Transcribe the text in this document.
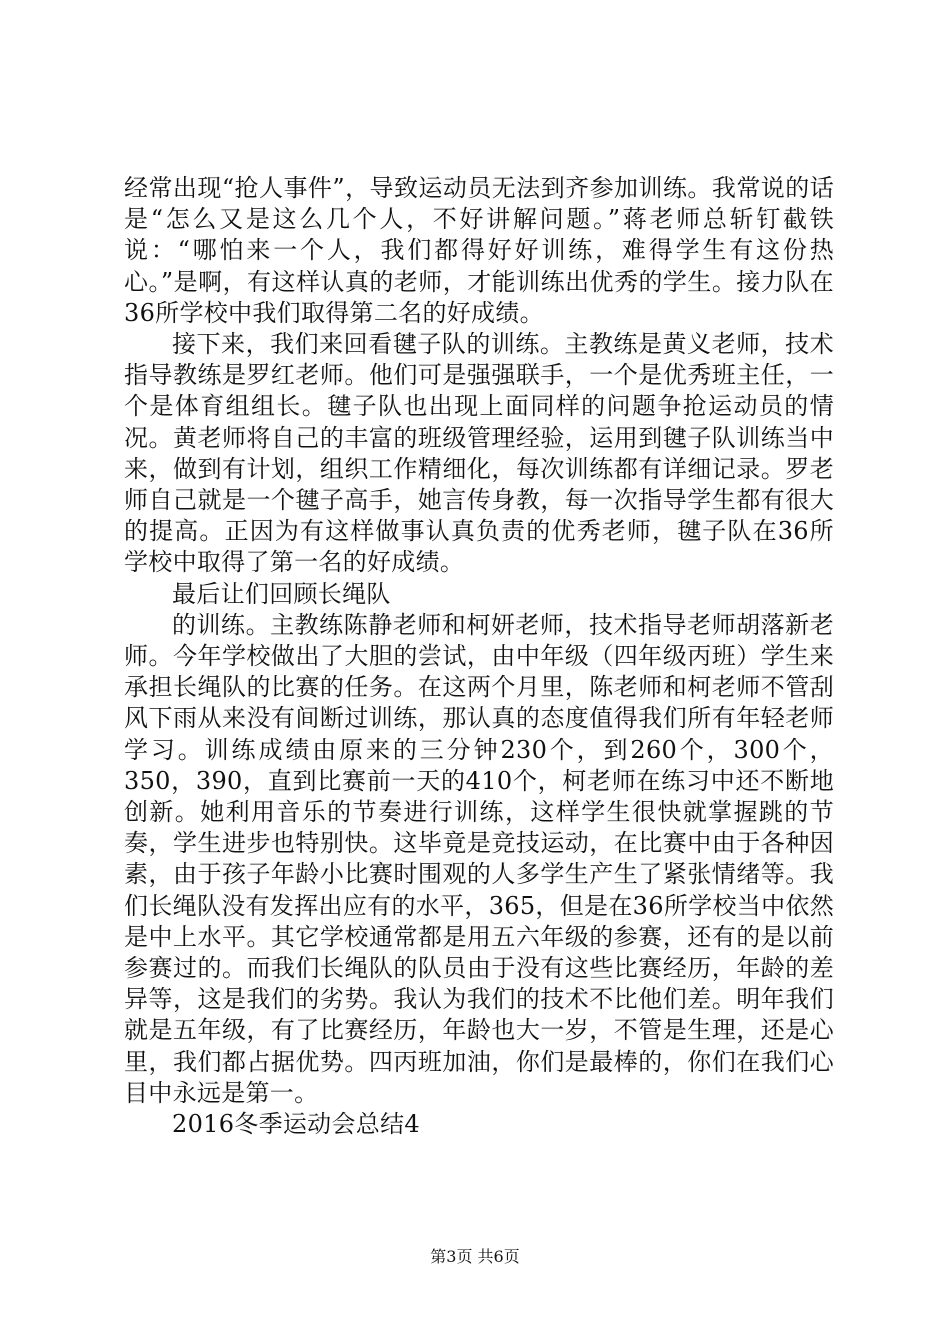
经常出现“抢人事件”，导致运动员无法到齐参加训练。我常说的话是“怎么又是这么几个人，不好讲解问题。”蒋老师总斩钉截铁说：“哪怕来一个人，我们都得好好训练，难得学生有这份热心。”是啊，有这样认真的老师，才能训练出优秀的学生。接力队在36所学校中我们取得第二名的好成绩。

接下来，我们来回看毽子队的训练。主教练是黄义老师，技术指导教练是罗红老师。他们可是强强联手，一个是优秀班主任，一个是体育组组长。毽子队也出现上面同样的问题争抢运动员的情况。黄老师将自己的丰富的班级管理经验，运用到毽子队训练当中来，做到有计划，组织工作精细化，每次训练都有详细记录。罗老师自己就是一个毽子高手，她言传身教，每一次指导学生都有很大的提高。正因为有这样做事认真负责的优秀老师，毽子队在36所学校中取得了第一名的好成绩。

最后让们回顾长绳队

的训练。主教练陈静老师和柯妍老师，技术指导老师胡落新老师。今年学校做出了大胆的尝试，由中年级（四年级丙班）学生来承担长绳队的比赛的任务。在这两个月里，陈老师和柯老师不管刮风下雨从来没有间断过训练，那认真的态度值得我们所有年轻老师学习。训练成绩由原来的三分钟230个，到260个，300个，350，390，直到比赛前一天的410个，柯老师在练习中还不断地创新。她利用音乐的节奏进行训练，这样学生很快就掌握跳的节奏，学生进步也特别快。这毕竟是竞技运动，在比赛中由于各种因素，由于孩子年龄小比赛时围观的人多学生产生了紧张情绪等。我们长绳队没有发挥出应有的水平，365，但是在36所学校当中依然是中上水平。其它学校通常都是用五六年级的参赛，还有的是以前参赛过的。而我们长绳队的队员由于没有这些比赛经历，年龄的差异等，这是我们的劣势。我认为我们的技术不比他们差。明年我们就是五年级，有了比赛经历，年龄也大一岁，不管是生理，还是心里，我们都占据优势。四丙班加油，你们是最棒的，你们在我们心目中永远是第一。

2016冬季运动会总结4

第3页 共6页
